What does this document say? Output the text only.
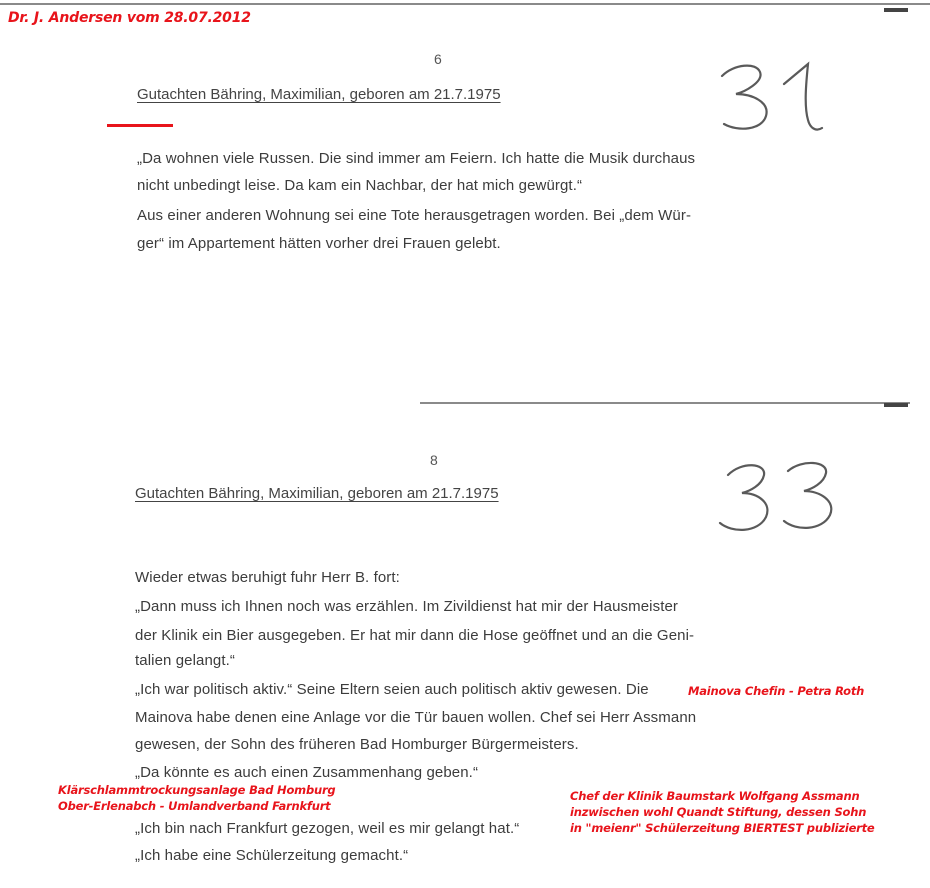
Dr. J. Andersen vom 28.07.2012
6
Gutachten Bähring, Maximilian, geboren am 21.7.1975
„Da wohnen viele Russen. Die sind immer am Feiern. Ich hatte die Musik durchaus
nicht unbedingt leise. Da kam ein Nachbar, der hat mich gewürgt.“
Aus einer anderen Wohnung sei eine Tote herausgetragen worden. Bei „dem Wür-
ger“ im Appartement hätten vorher drei Frauen gelebt.
8
Gutachten Bähring, Maximilian, geboren am 21.7.1975
Wieder etwas beruhigt fuhr Herr B. fort:
„Dann muss ich Ihnen noch was erzählen. Im Zivildienst hat mir der Hausmeister
der Klinik ein Bier ausgegeben. Er hat mir dann die Hose geöffnet und an die Geni-
talien gelangt.“
„Ich war politisch aktiv.“ Seine Eltern seien auch politisch aktiv gewesen. Die
Mainova habe denen eine Anlage vor die Tür bauen wollen. Chef sei Herr Assmann
gewesen, der Sohn des früheren Bad Homburger Bürgermeisters.
„Da könnte es auch einen Zusammenhang geben.“
„Ich bin nach Frankfurt gezogen, weil es mir gelangt hat.“
„Ich habe eine Schülerzeitung gemacht.“
Mainova Chefin - Petra Roth
Klärschlammtrockungsanlage Bad Homburg
Ober-Erlenabch - Umlandverband Farnkfurt
Chef der Klinik Baumstark Wolfgang Assmann
inzwischen wohl Quandt Stiftung, dessen Sohn
in "meienr" Schülerzeitung BIERTEST publizierte
